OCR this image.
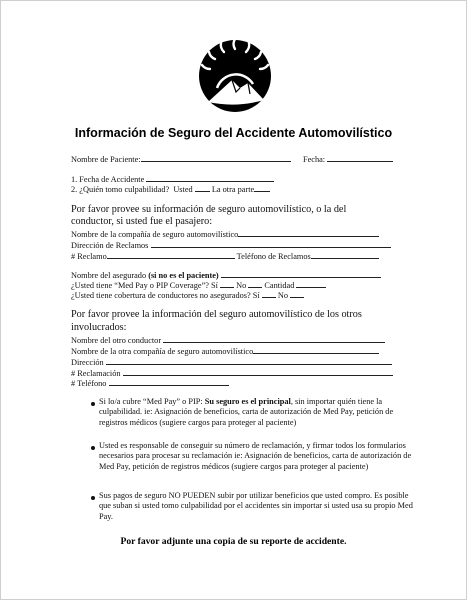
Información de Seguro del Accidente Automovilístico
Nombre de Paciente:	Fecha:
1. Fecha de Accidente
2. ¿Quién tomo culpabilidad? Usted La otra parte
Por favor provee su información de seguro automovilístico, o la del
conductor, si usted fue el pasajero:
Nombre de la compañía de seguro automovilístico
Dirección de Reclamos
# Reclamo	Teléfono de Reclamos
Nombre del asegurado (si no es el paciente)
¿Usted tiene “Med Pay o PIP Coverage”? Sí No Cantidad
¿Usted tiene cobertura de conductores no asegurados? Sí No
Por favor provee la información del seguro automovilístico de los otros
involucrados:
Nombre del otro conductor
Nombre de la otra compañía de seguro automovilístico
Dirección
# Reclamación
# Teléfono
Si lo/a cubre “Med Pay” o PIP: Su seguro es el principal, sin importar quién tiene la culpabilidad. ie: Asignación de beneficios, carta de autorización de Med Pay, petición de registros médicos (sugiere cargos para proteger al paciente)
Usted es responsable de conseguir su número de reclamación, y firmar todos los formularios necesarios para procesar su reclamación ie: Asignación de beneficios, carta de autorización de Med Pay, petición de registros médicos (sugiere cargos para proteger al paciente)
Sus pagos de seguro NO PUEDEN subir por utilizar beneficios que usted compro. Es posible que suban si usted tomo culpabilidad por el accidentes sin importar si usted usa su propio Med Pay.
Por favor adjunte una copia de su reporte de accidente.
